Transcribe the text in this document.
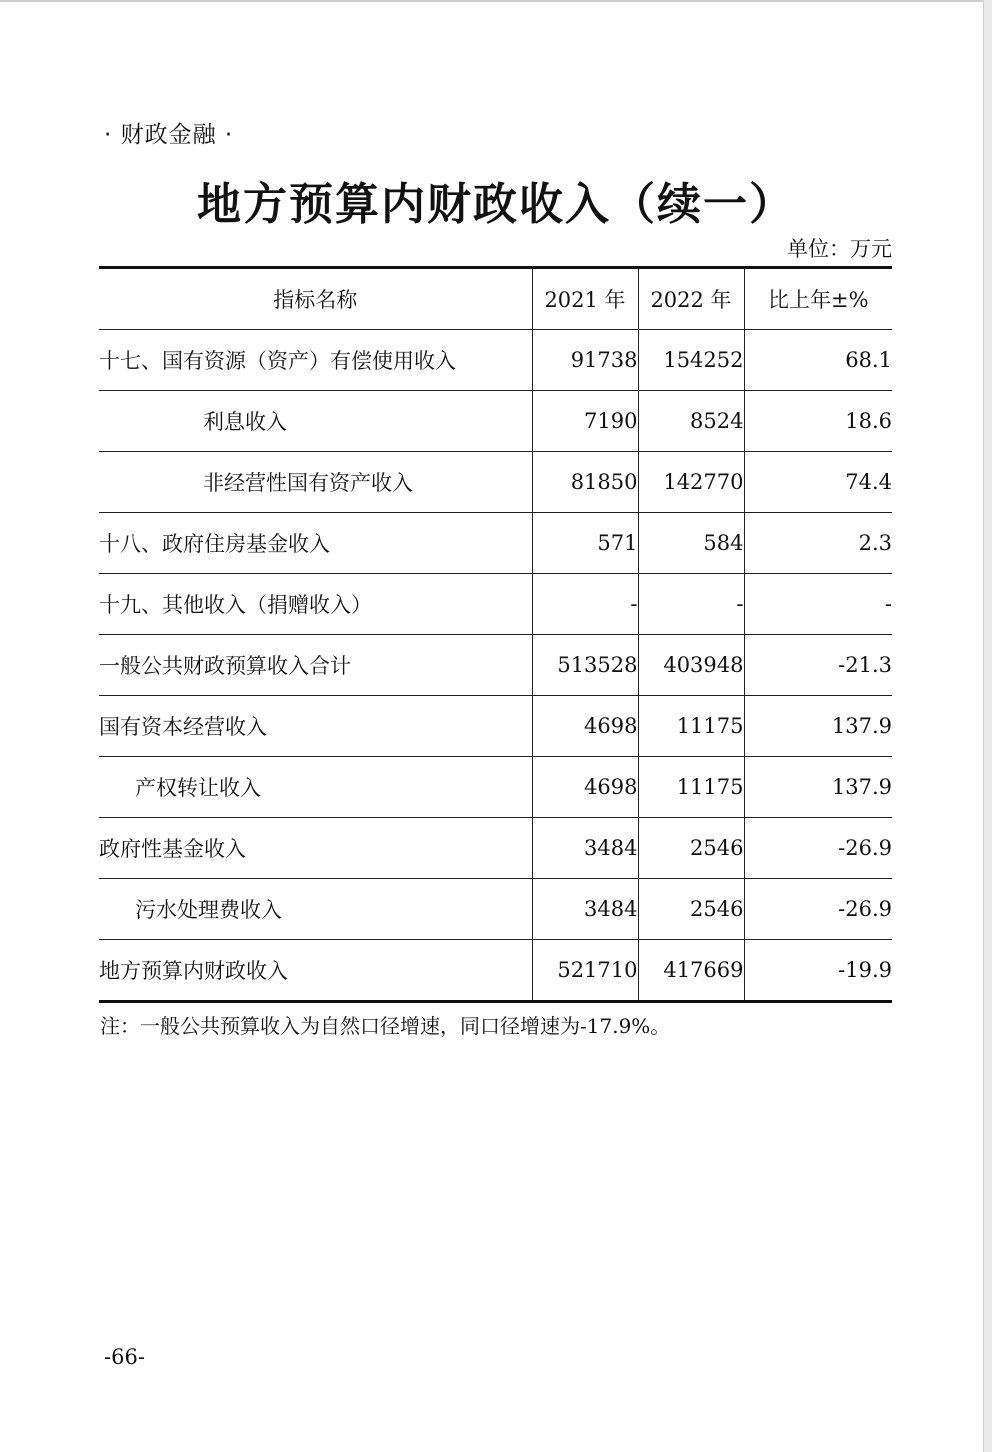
· 财政金融 ·
地方预算内财政收入（续一）
单位：万元
指标名称	2021 年	2022 年	比上年±%
十七、国有资源（资产）有偿使用收入	91738	154252	68.1
利息收入	7190	8524	18.6
非经营性国有资产收入	81850	142770	74.4
十八、政府住房基金收入	571	584	2.3
十九、其他收入（捐赠收入）	-	-	-
一般公共财政预算收入合计	513528	403948	-21.3
国有资本经营收入	4698	11175	137.9
产权转让收入	4698	11175	137.9
政府性基金收入	3484	2546	-26.9
污水处理费收入	3484	2546	-26.9
地方预算内财政收入	521710	417669	-19.9
注：一般公共预算收入为自然口径增速，同口径增速为-17.9%。
-66-
